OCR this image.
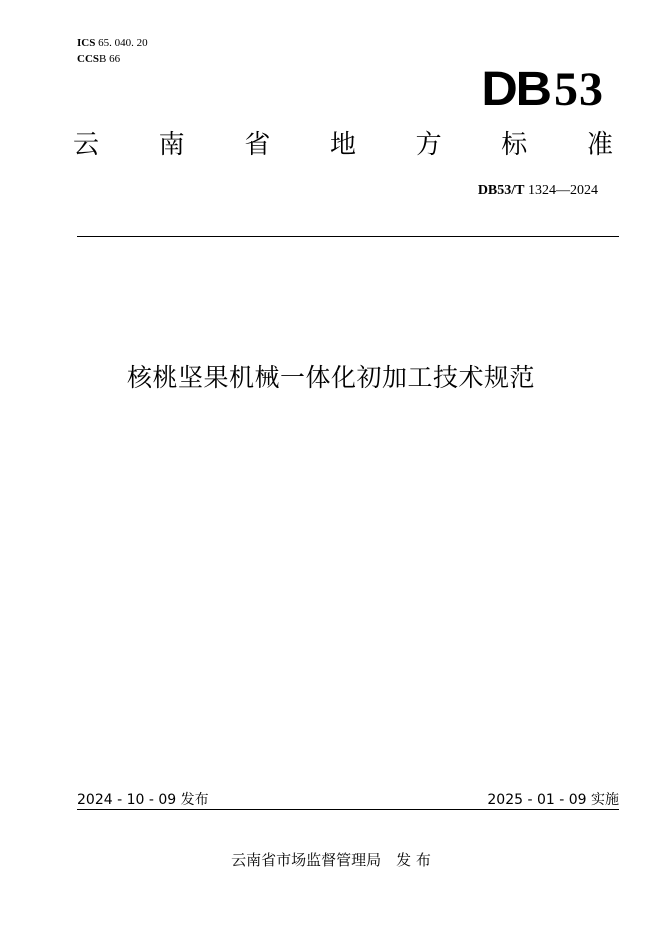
ICS 65. 040. 20
CCSB 66
DB53
云 南 省 地 方 标 准
DB53/T 1324—2024
核桃坚果机械一体化初加工技术规范
2024 - 10 - 09 发布	2025 - 01 - 09 实施
云南省市场监督管理局　发 布
